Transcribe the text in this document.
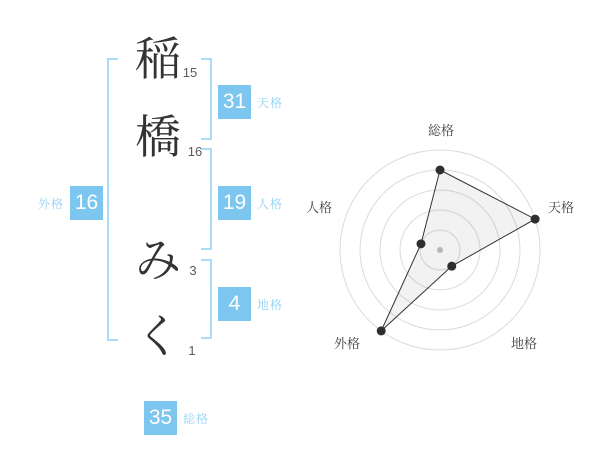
稲 15
橋 16
み 3
く 1
31 天格
19 人格
4	地格
外格 16
35 総格
総格
天格
地格
外格
人格
